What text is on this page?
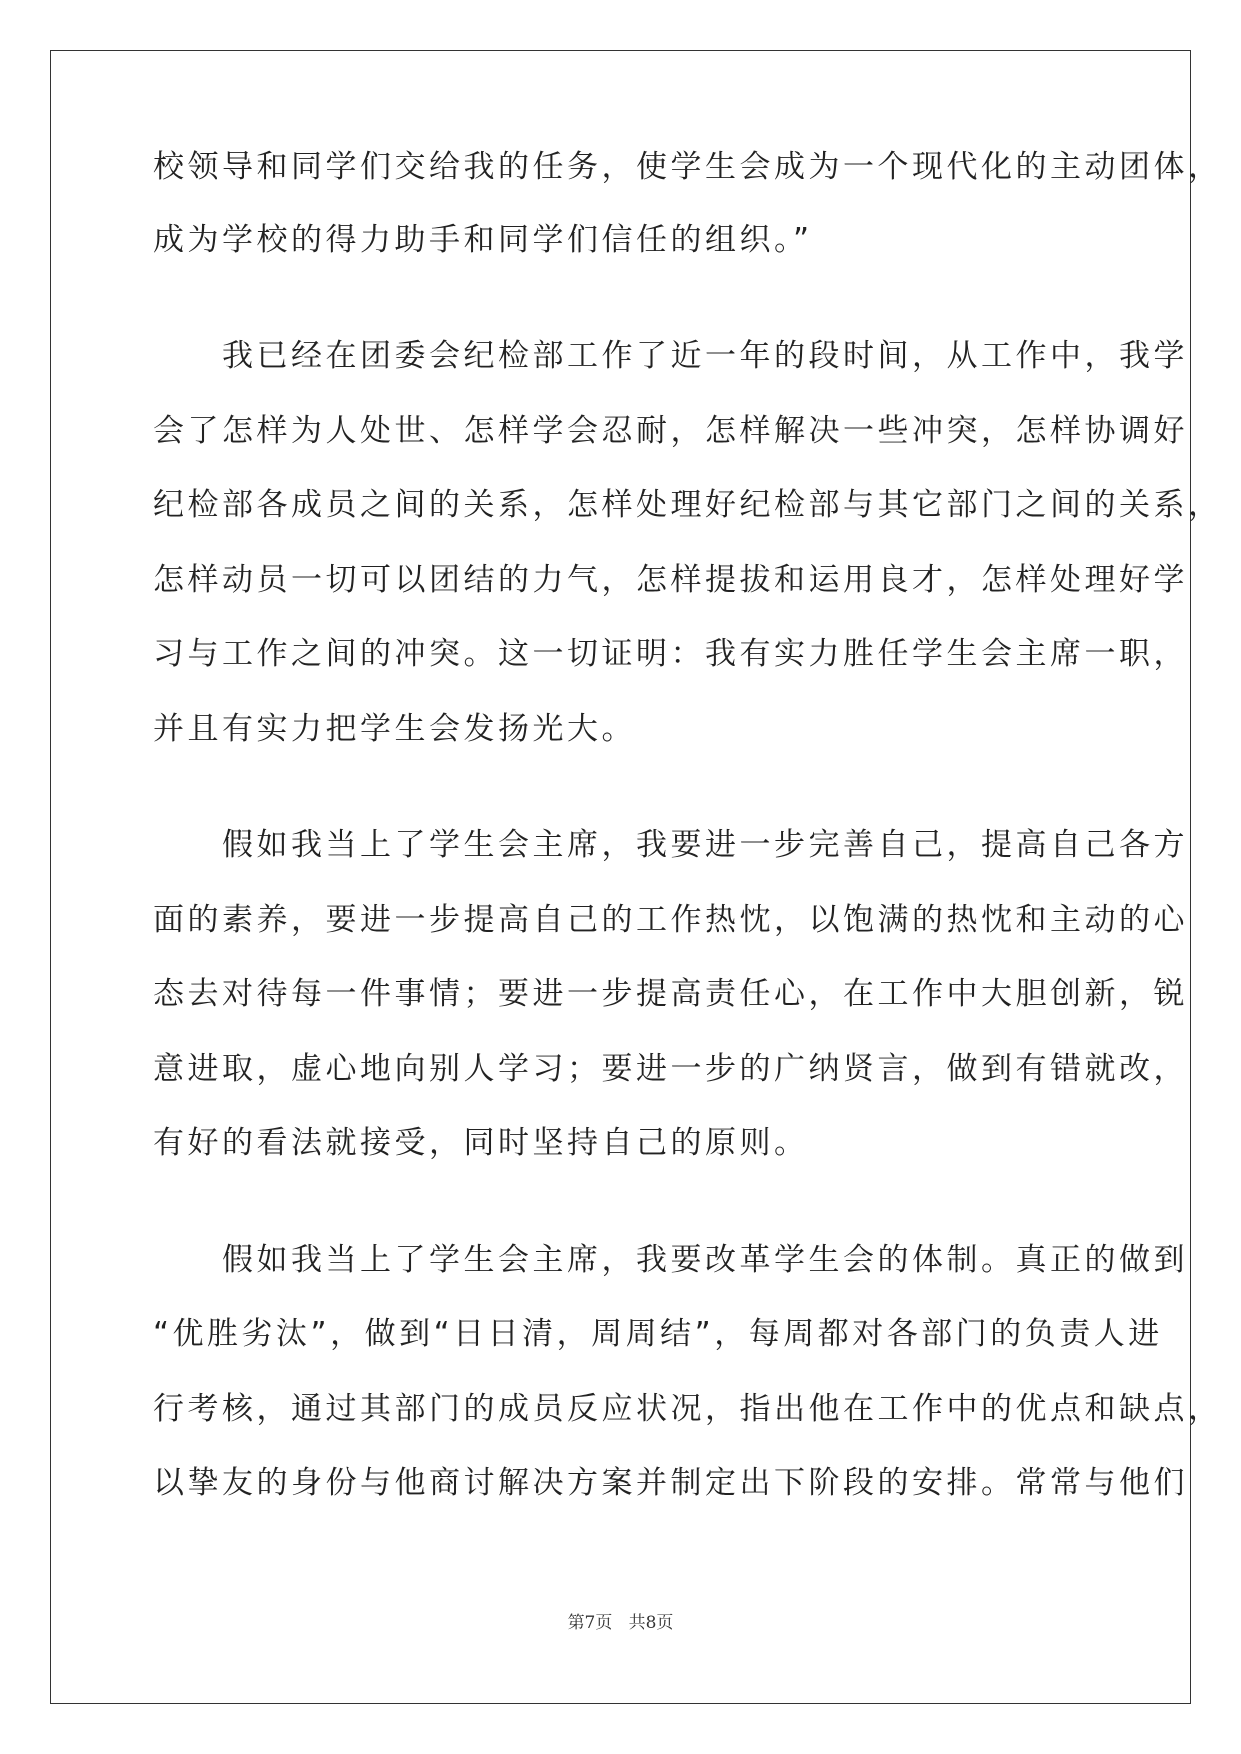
校领导和同学们交给我的任务，使学生会成为一个现代化的主动团体，
成为学校的得力助手和同学们信任的组织。”
　　我已经在团委会纪检部工作了近一年的段时间，从工作中，我学
会了怎样为人处世、怎样学会忍耐，怎样解决一些冲突，怎样协调好
纪检部各成员之间的关系，怎样处理好纪检部与其它部门之间的关系，
怎样动员一切可以团结的力气，怎样提拔和运用良才，怎样处理好学
习与工作之间的冲突。这一切证明：我有实力胜任学生会主席一职，
并且有实力把学生会发扬光大。
　　假如我当上了学生会主席，我要进一步完善自己，提高自己各方
面的素养，要进一步提高自己的工作热忱，以饱满的热忱和主动的心
态去对待每一件事情；要进一步提高责任心，在工作中大胆创新，锐
意进取，虚心地向别人学习；要进一步的广纳贤言，做到有错就改，
有好的看法就接受，同时坚持自己的原则。
　　假如我当上了学生会主席，我要改革学生会的体制。真正的做到
“优胜劣汰”，做到“日日清，周周结”，每周都对各部门的负责人进
行考核，通过其部门的成员反应状况，指出他在工作中的优点和缺点，
以挚友的身份与他商讨解决方案并制定出下阶段的安排。常常与他们
第7页 共8页
